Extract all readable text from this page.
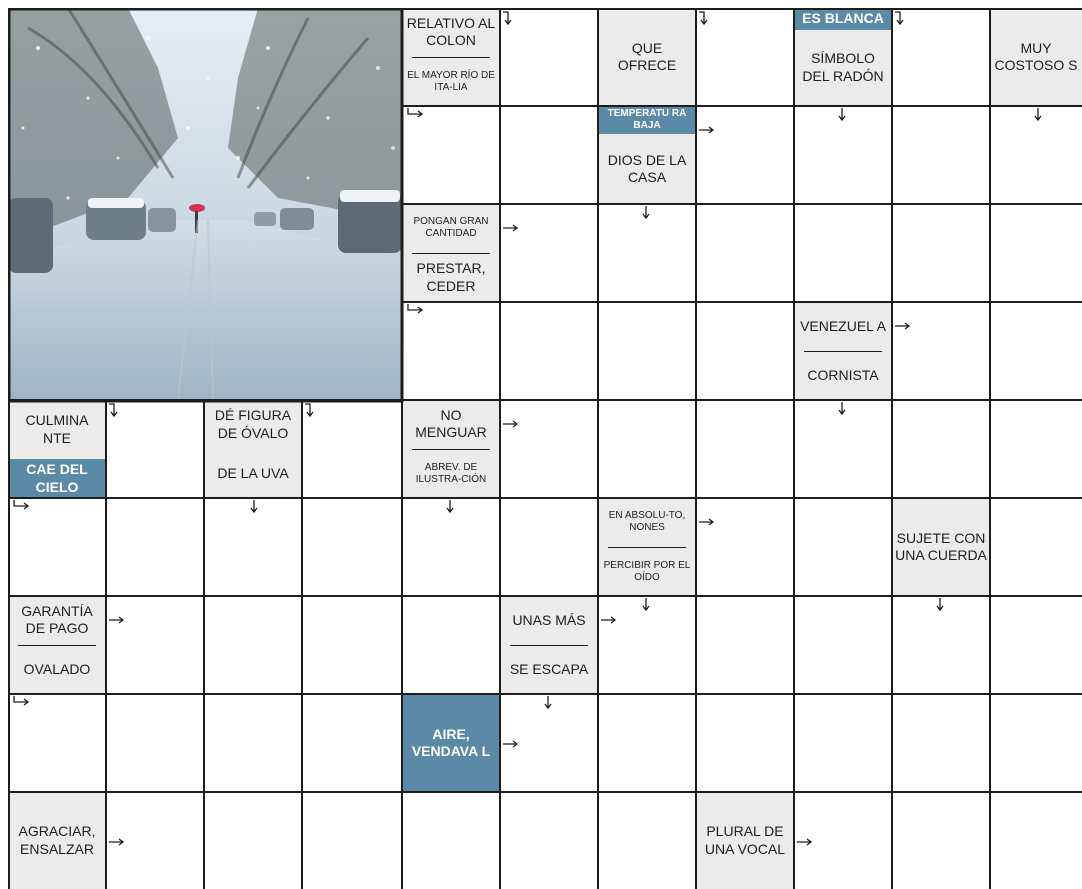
RELATIVO AL COLON
EL MAYOR RÍO DE ITA-LIA
QUE OFRECE
ES BLANCA
SÍMBOLO DEL RADÓN
MUY COSTOSO S
TEMPERATU RA BAJA
DIOS DE LA CASA
PONGAN GRAN CANTIDAD
PRESTAR, CEDER
VENEZUEL A
CORNISTA
CULMINA NTE
CAE DEL CIELO
DÉ FIGURA DE ÓVALO
DE LA UVA
NO MENGUAR
ABREV. DE ILUSTRA-CIÓN
EN ABSOLU-TO, NONES
PERCIBIR POR EL OÍDO
SUJETE CON UNA CUERDA
GARANTÍA DE PAGO
OVALADO
UNAS MÁS
SE ESCAPA
AIRE, VENDAVA L
AGRACIAR, ENSALZAR
PLURAL DE UNA VOCAL
